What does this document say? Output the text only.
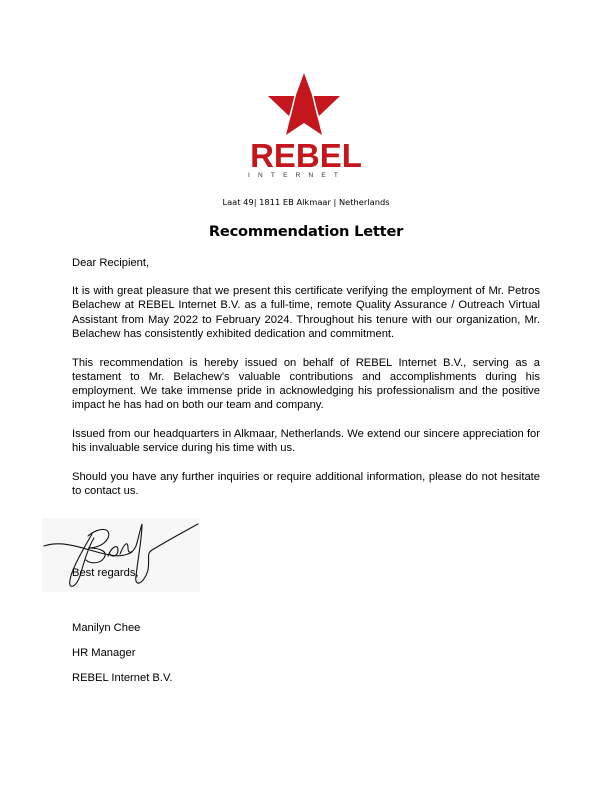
REBEL
INTERNET
Laat 49| 1811 EB Alkmaar | Netherlands
Recommendation Letter

Dear Recipient,

It is with great pleasure that we present this certificate verifying the employment of Mr. Petros Belachew at REBEL Internet B.V. as a full-time, remote Quality Assurance / Outreach Virtual Assistant from May 2022 to February 2024. Throughout his tenure with our organization, Mr. Belachew has consistently exhibited dedication and commitment.

This recommendation is hereby issued on behalf of REBEL Internet B.V., serving as a testament to Mr. Belachew's valuable contributions and accomplishments during his employment. We take immense pride in acknowledging his professionalism and the positive impact he has had on both our team and company.

Issued from our headquarters in Alkmaar, Netherlands. We extend our sincere appreciation for his invaluable service during his time with us.

Should you have any further inquiries or require additional information, please do not hesitate to contact us.

Best regards,
Manilyn Chee
HR Manager
REBEL Internet B.V.
